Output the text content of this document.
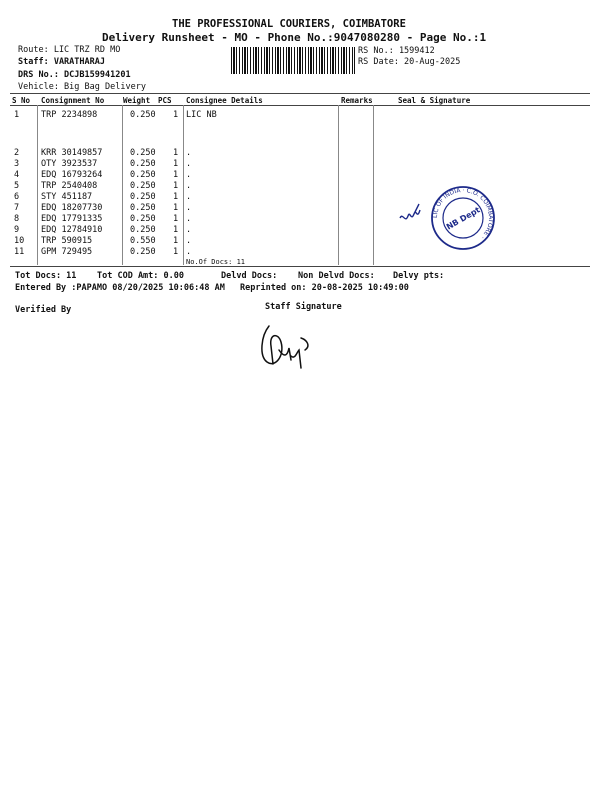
THE PROFESSIONAL COURIERS, COIMBATORE
Delivery Runsheet - MO - Phone No.:9047080280 - Page No.:1
Route: LIC TRZ RD MO
Staff: VARATHARAJ
DRS No.: DCJB159941201
Vehicle: Big Bag Delivery
RS No.: 1599412
RS Date: 20-Aug-2025
S No Consignment No	Weight PCS Consignee Details	Remarks	Seal & Signature
1	TRP 2234898	0.250 1 LIC NB
2	KRR 30149857	0.250 1 .
3	OTY 3923537	0.250 1 .
4	EDQ 16793264	0.250 1 .
5	TRP 2540408	0.250 1 .
6	STY 451187	0.250 1 .
7	EDQ 18207730	0.250 1 .
8	EDQ 17791335	0.250 1 .
9	EDQ 12784910	0.250 1 .
10 TRP 590915	0.550 1 .
11 GPM 729495	0.250 1 .
No.Of Docs: 11
LIC OF INDIA · C.O. COIMBATORE ·
NB Dept
Tot Docs: 11 Tot COD Amt: 0.00	Delvd Docs: Non Delvd Docs: Delvy pts:
Entered By :PAPAMO 08/20/2025 10:06:48 AM Reprinted on: 20-08-2025 10:49:00
Verified By	Staff Signature
